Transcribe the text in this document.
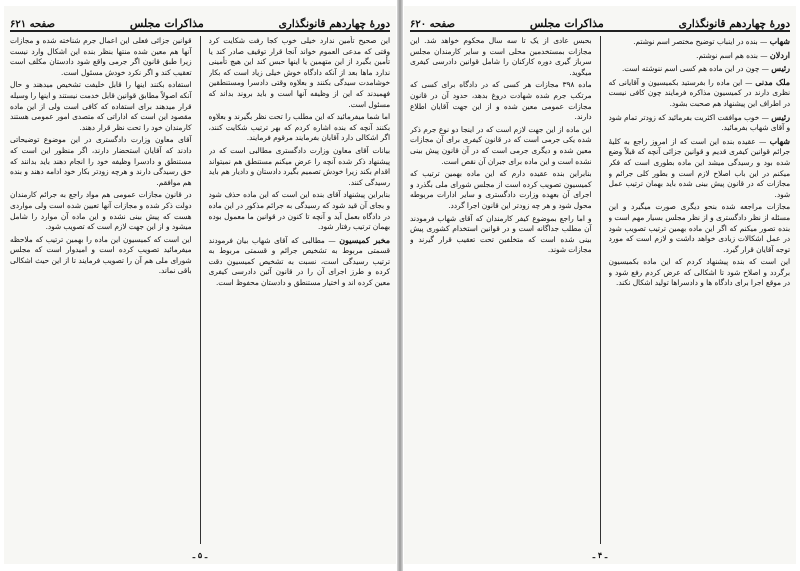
دورهٔ چهاردهم قانونگذاری
مذاکرات مجلس
صفحه ۶۲۱

این صحیح تأمین ندارد خیلی خوب کجا رفت شکایت کرد وقتی که مدعی العموم خواند آنجا قرار توقیف صادر کند یا تأمین بگیرد از این متهمین یا اینها حبس کند این هیچ تأمینی ندارد ماها بعد از آنکه دادگاه خوش خیلی زیاد است که بکار خوشامدت سیدگی بکنند و بعلاوه وقتی دادسرا ومستنطقین فهمیدند که این از وظیفه آنها است و باید بروند بداند که مسئول است.

اما شما میفرمائید که این مطلب را تحت نظر بگیرند و بعلاوه بکنند آنچه که بنده اشاره کردم که بهر ترتیب شکایت کنند، اگر اشکالی دارد آقایان بفرمایند مرقوم فرمایند.

بیانات آقای معاون وزارت دادگستری مطالبی است که در پیشنهاد ذکر شده آنچه را عرض میکنم مستنطق هم نمیتواند اقدام بکند زیرا خودش تصمیم بگیرد دادستان و دادیار هم باید رسیدگی کنند.

بنابراین پیشنهاد آقای بنده این است که این ماده حذف شود و بجای آن قید شود که رسیدگی به جرائم مذکور در این ماده در دادگاه بعمل آید و آنچه تا کنون در قوانین ما معمول بوده بهمان ترتیب رفتار شود.

مخبر کمیسیون — مطالبی که آقای شهاب بیان فرمودند قسمتی مربوط به تشخیص جرائم و قسمتی مربوط به ترتیب رسیدگی است، نسبت به تشخیص کمیسیون دقت کرده و طرز اجرای آن را در قانون آئین دادرسی کیفری معین کرده اند و اختیار مستنطق و دادستان محفوظ است.

قوانین جزائی فعلی این اعمال جرم شناخته شده و مجازات آنها هم معین شده منتها بنظر بنده این اشکال وارد نیست زیرا طبق قانون اگر جرمی واقع شود دادستان مکلف است تعقیب کند و اگر نکرد خودش مسئول است.

استفاده بکنند اینها را قابل خلیفت تشخیص میدهند و حال آنکه اصولاً مطابق قوانین قابل خدمت نیستند و اینها را وسیله قرار میدهند برای استفاده که کافی است ولی از این ماده مقصود این است که اداراتی که متصدی امور عمومی هستند کارمندان خود را تحت نظر قرار دهند.

آقای معاون وزارت دادگستری در این موضوع توضیحاتی دادند که آقایان استحضار دارند، اگر منظور این است که مستنطق و دادسرا وظیفه خود را انجام دهند باید بدانند که حق رسیدگی دارند و هرچه زودتر بکار خود ادامه دهند و بنده هم موافقم.

در قانون مجازات عمومی هم مواد راجع به جرائم کارمندان دولت ذکر شده و مجازات آنها تعیین شده است ولی مواردی هست که پیش بینی نشده و این ماده آن موارد را شامل میشود و از این جهت لازم است که تصویب شود.

این است که کمیسیون این ماده را بهمین ترتیب که ملاحظه میفرمائید تصویب کرده است و امیدوار است که مجلس شورای ملی هم آن را تصویب فرمایند تا از این حیث اشکالی باقی نماند.

ـ ۵ ـ
دورهٔ چهاردهم قانونگذاری
مذاکرات مجلس
صفحه ۶۲۰

شهاب — بنده در اینباب توضیح مختصر اسم نوشتم.

اردلان — بنده هم اسم نوشتم.

رئیس — چون در این ماده هم کسی اسم ننوشته است.

ملک مدنی — این ماده را بفرستید بکمیسیون و آقایانی که نظری دارند در کمیسیون مذاکره فرمایند چون کافی نیست در اطراف این پیشنهاد هم صحبت بشود.

رئیس — خوب موافقت اکثریت بفرمائید که زودتر تمام شود و آقای شهاب بفرمائید.

شهاب — عقیده بنده این است که از امروز راجع به کلیهٔ جرائم قوانین کیفری قدیم و قوانین جزائی آنچه که قبلاً وضع شده بود و رسیدگی میشد این ماده بطوری است که فکر میکنم در این باب اصلاح لازم است و بطور کلی جرائم و مجازات که در قانون پیش بینی شده باید بهمان ترتیب عمل شود.

مجازات مراجعه شده بنحو دیگری صورت میگیرد و این مسئله از نظر دادگستری و از نظر مجلس بسیار مهم است و بنده تصور میکنم که اگر این ماده بهمین ترتیب تصویب شود در عمل اشکالات زیادی خواهد داشت و لازم است که مورد توجه آقایان قرار گیرد.

این است که بنده پیشنهاد کردم که این ماده بکمیسیون برگردد و اصلاح شود تا اشکالی که عرض کردم رفع شود و در موقع اجرا برای دادگاه ها و دادسراها تولید اشکال نکند.

بحبس عادی از یک تا سه سال محکوم خواهد شد. این مجازات بمستخدمین محلی است و سایر کارمندان مجلس سرباز گیری دوره کارکنان را شامل قوانین دادرسی کیفری میگوید.

ماده ۳۹۸ مجازات هر کسی که در دادگاه برای کسی که مرتکب جرم شده شهادت دروغ بدهد، حدود آن در قانون مجازات عمومی معین شده و از این جهت آقایان اطلاع دارند.

این ماده از این جهت لازم است که در اینجا دو نوع جرم ذکر شده یکی جرمی است که در قانون کیفری برای آن مجازات معین شده و دیگری جرمی است که در آن قانون پیش بینی نشده است و این ماده برای جبران آن نقص است.

بنابراین بنده عقیده دارم که این ماده بهمین ترتیب که کمیسیون تصویب کرده است از مجلس شورای ملی بگذرد و اجرای آن بعهده وزارت دادگستری و سایر ادارات مربوطه محول شود و هر چه زودتر این قانون اجرا گردد.

و اما راجع بموضوع کیفر کارمندان که آقای شهاب فرمودند آن مطلب جداگانه است و در قوانین استخدام کشوری پیش بینی شده است که متخلفین تحت تعقیب قرار گیرند و مجازات شوند.

ـ ۴ ـ
